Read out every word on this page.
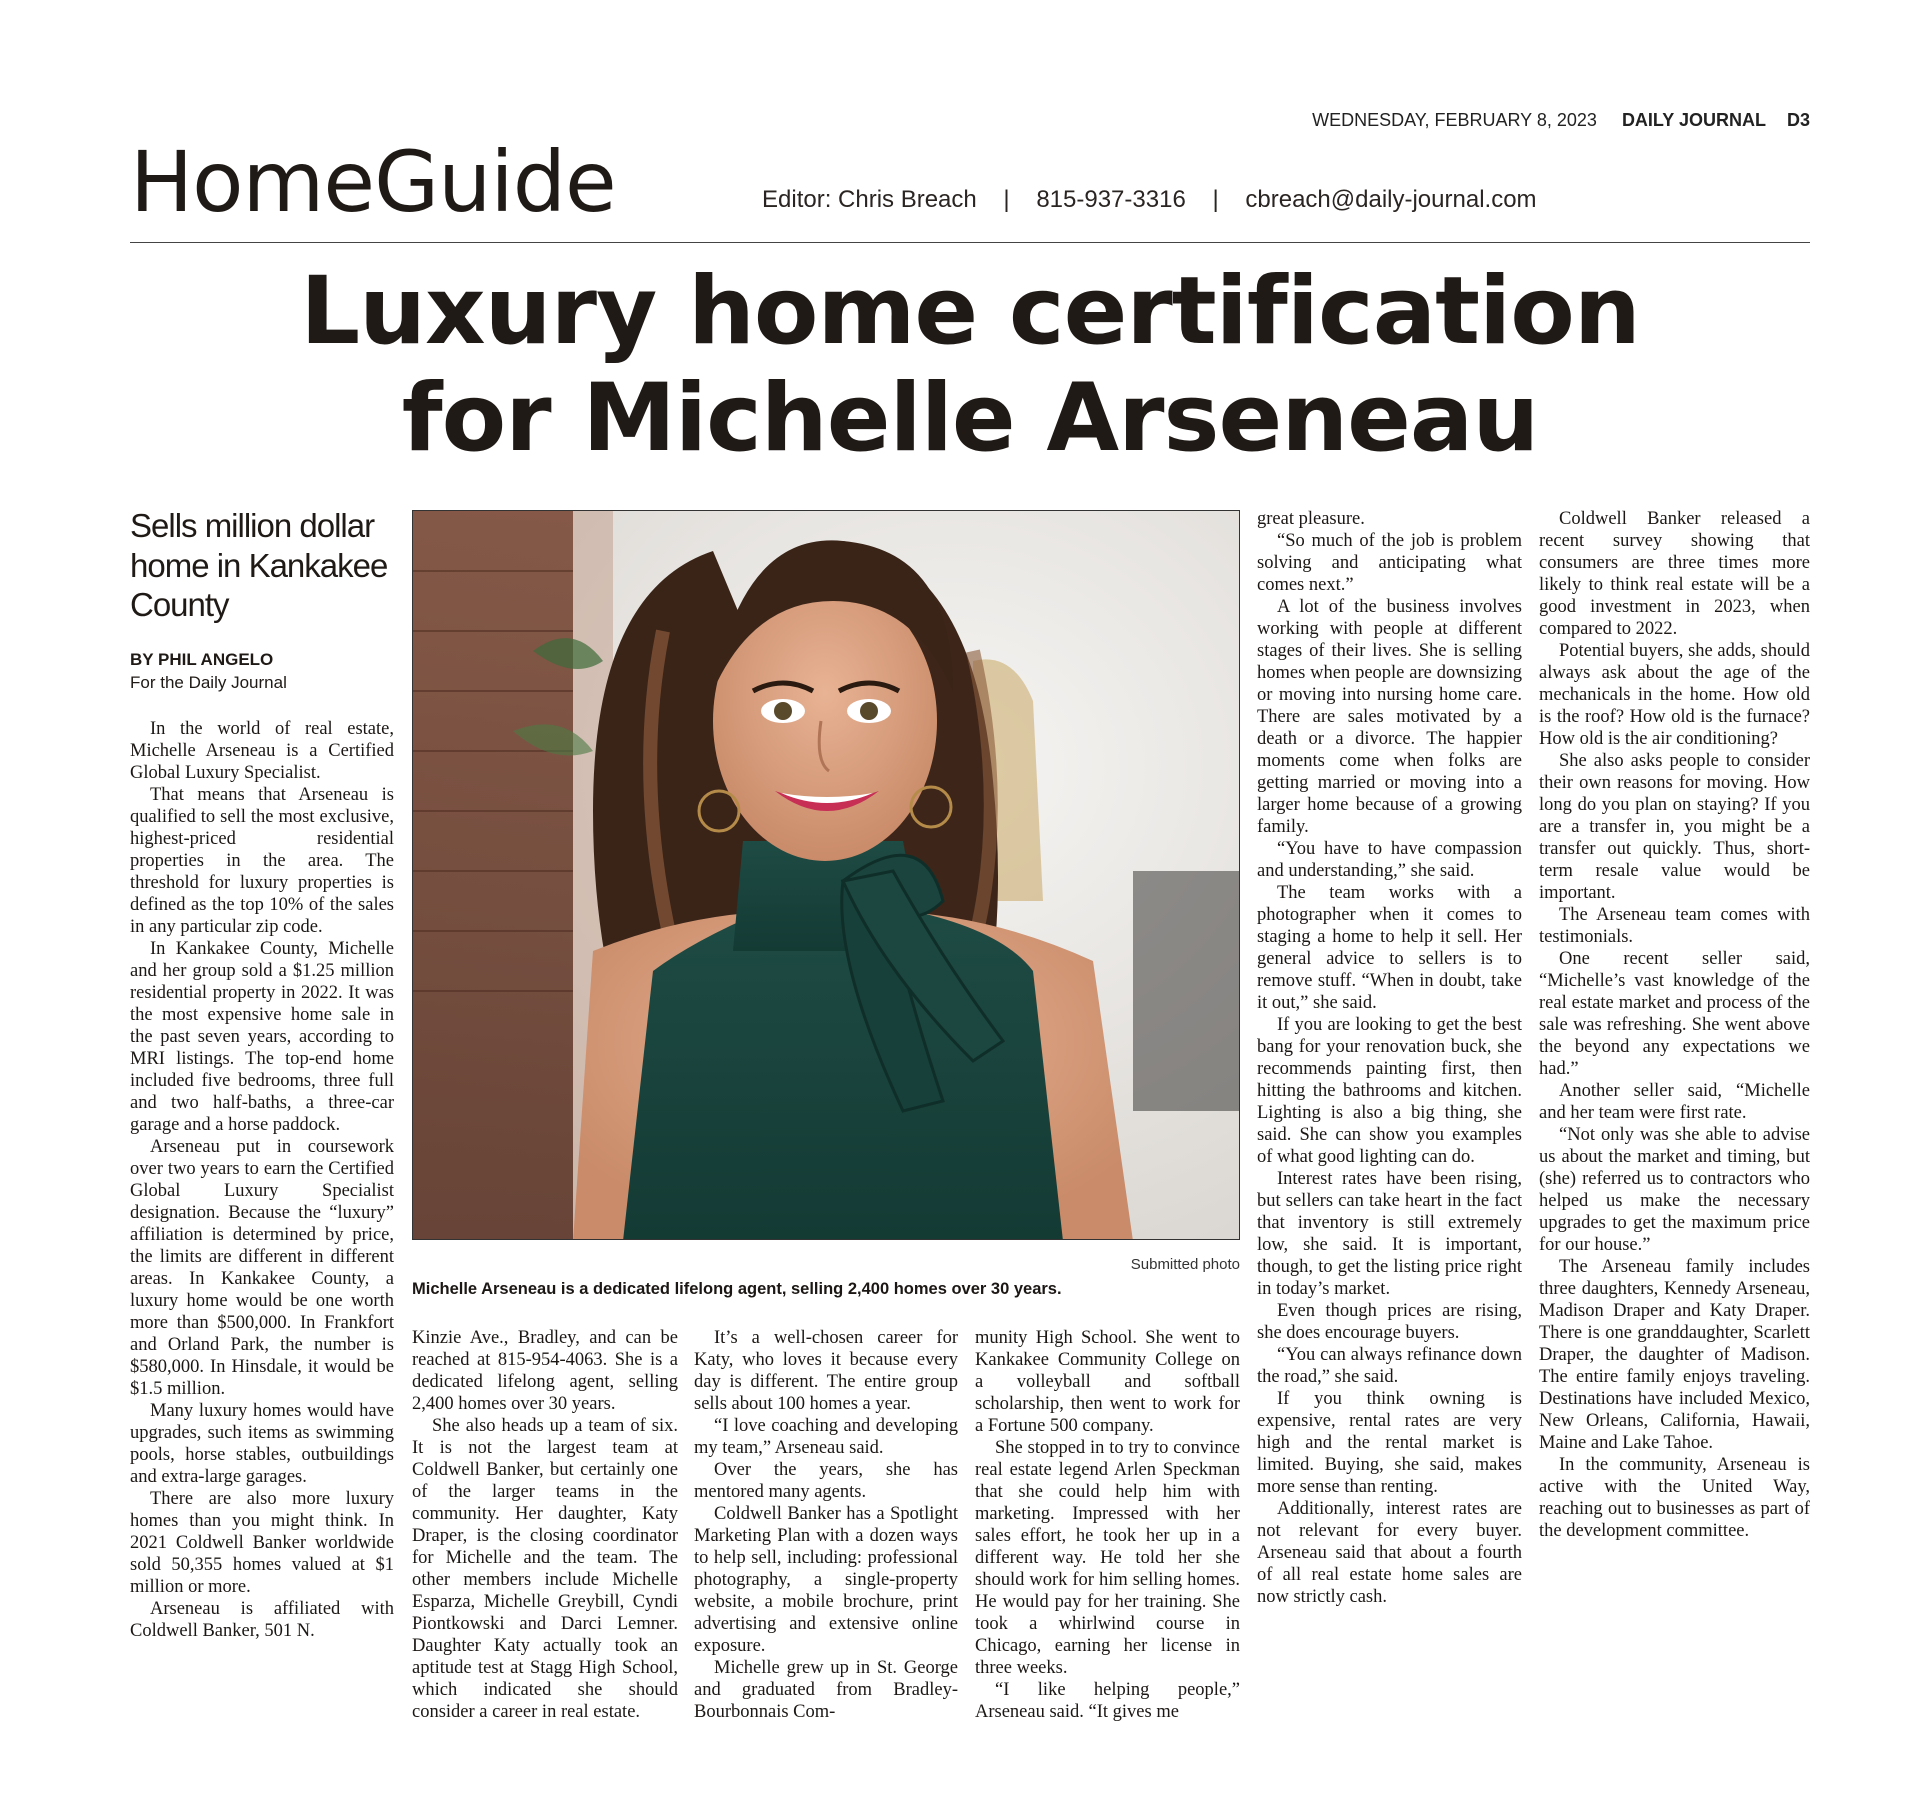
WEDNESDAY, FEBRUARY 8, 2023 DAILY JOURNAL D3
HomeGuide	Editor: Chris Breach | 815-937-3316 | cbreach@daily-journal.com
Luxury home certification
for Michelle Arseneau
Sells million dollar home in Kankakee County
BY PHIL ANGELO
For the Daily Journal

In the world of real estate, Michelle Arseneau is a Certified Global Luxury Specialist.

That means that Arseneau is qualified to sell the most exclusive, highest-priced residential properties in the area. The threshold for luxury properties is defined as the top 10% of the sales in any particular zip code.

In Kankakee County, Michelle and her group sold a $1.25 million residential property in 2022. It was the most expensive home sale in the past seven years, according to MRI listings. The top-end home included five bedrooms, three full and two half-baths, a three-car garage and a horse paddock.

Arseneau put in coursework over two years to earn the Certified Global Luxury Specialist designation. Because the “luxury” affiliation is determined by price, the limits are different in different areas. In Kankakee County, a luxury home would be one worth more than $500,000. In Frankfort and Orland Park, the number is $580,000. In Hinsdale, it would be $1.5 million.

Many luxury homes would have upgrades, such items as swimming pools, horse stables, outbuildings and extra-large garages.

There are also more luxury homes than you might think. In 2021 Coldwell Banker worldwide sold 50,355 homes valued at $1 million or more.

Arseneau is affiliated with Coldwell Banker, 501 N.

Kinzie Ave., Bradley, and can be reached at 815-954-4063. She is a dedicated lifelong agent, selling 2,400 homes over 30 years.

She also heads up a team of six. It is not the largest team at Coldwell Banker, but certainly one of the larger teams in the community. Her daughter, Katy Draper, is the closing coordinator for Michelle and the team. The other members include Michelle Esparza, Michelle Greybill, Cyndi Piontkowski and Darci Lemner. Daughter Katy actually took an aptitude test at Stagg High School, which indicated she should consider a career in real estate.

It’s a well-chosen career for Katy, who loves it because every day is different. The entire group sells about 100 homes a year.

“I love coaching and developing my team,” Arseneau said.

Over the years, she has mentored many agents.

Coldwell Banker has a Spotlight Marketing Plan with a dozen ways to help sell, including: professional photography, a single-property website, a mobile brochure, print advertising and extensive online exposure.

Michelle grew up in St. George and graduated from Bradley-Bourbonnais Com-

munity High School. She went to Kankakee Community College on a volleyball and softball scholarship, then went to work for a Fortune 500 company.

She stopped in to try to convince real estate legend Arlen Speckman that she could help him with marketing. Impressed with her sales effort, he took her up in a different way. He told her she should work for him selling homes. He would pay for her training. She took a whirlwind course in Chicago, earning her license in three weeks.

“I like helping people,” Arseneau said. “It gives me

great pleasure.

“So much of the job is problem solving and anticipating what comes next.”

A lot of the business involves working with people at different stages of their lives. She is selling homes when people are downsizing or moving into nursing home care. There are sales motivated by a death or a divorce. The happier moments come when folks are getting married or moving into a larger home because of a growing family.

“You have to have compassion and understanding,” she said.

The team works with a photographer when it comes to staging a home to help it sell. Her general advice to sellers is to remove stuff. “When in doubt, take it out,” she said.

If you are looking to get the best bang for your renovation buck, she recommends painting first, then hitting the bathrooms and kitchen. Lighting is also a big thing, she said. She can show you examples of what good lighting can do.

Interest rates have been rising, but sellers can take heart in the fact that inventory is still extremely low, she said. It is important, though, to get the listing price right in today’s market.

Even though prices are rising, she does encourage buyers.

“You can always refinance down the road,” she said.

If you think owning is expensive, rental rates are very high and the rental market is limited. Buying, she said, makes more sense than renting.

Additionally, interest rates are not relevant for every buyer. Arseneau said that about a fourth of all real estate home sales are now strictly cash.

Coldwell Banker released a recent survey showing that consumers are three times more likely to think real estate will be a good investment in 2023, when compared to 2022.

Potential buyers, she adds, should always ask about the age of the mechanicals in the home. How old is the roof? How old is the furnace? How old is the air conditioning?

She also asks people to consider their own reasons for moving. How long do you plan on staying? If you are a transfer in, you might be a transfer out quickly. Thus, short-term resale value would be important.

The Arseneau team comes with testimonials.

One recent seller said, “Michelle’s vast knowledge of the real estate market and process of the sale was refreshing. She went above the beyond any expectations we had.”

Another seller said, “Michelle and her team were first rate.

“Not only was she able to advise us about the market and timing, but (she) referred us to contractors who helped us make the necessary upgrades to get the maximum price for our house.”

The Arseneau family includes three daughters, Kennedy Arseneau, Madison Draper and Katy Draper. There is one granddaughter, Scarlett Draper, the daughter of Madison. The entire family enjoys traveling. Destinations have included Mexico, New Orleans, California, Hawaii, Maine and Lake Tahoe.

In the community, Arseneau is active with the United Way, reaching out to businesses as part of the development committee.

Submitted photo
Michelle Arseneau is a dedicated lifelong agent, selling 2,400 homes over 30 years.
